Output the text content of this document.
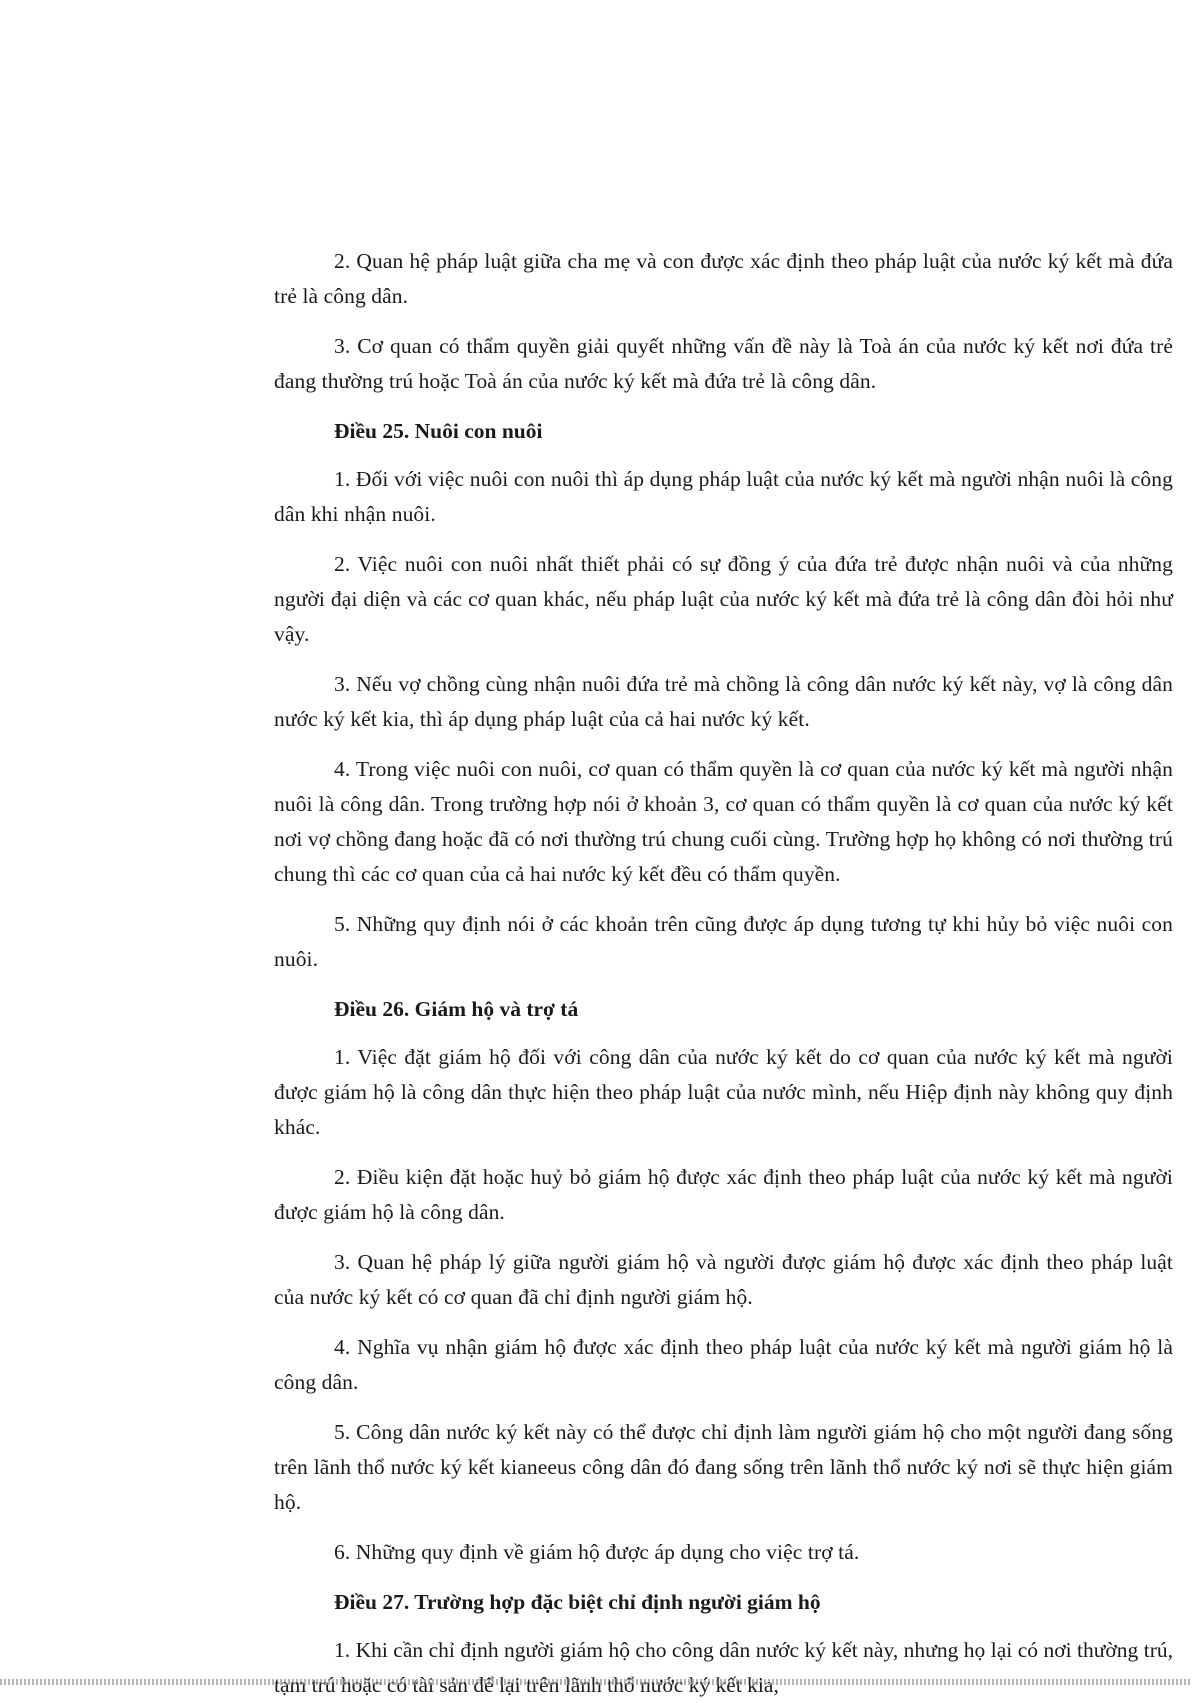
2. Quan hệ pháp luật giữa cha mẹ và con được xác định theo pháp luật của nước ký kết mà đứa trẻ là công dân.

3. Cơ quan có thẩm quyền giải quyết những vấn đề này là Toà án của nước ký kết nơi đứa trẻ đang thường trú hoặc Toà án của nước ký kết mà đứa trẻ là công dân.

Điều 25. Nuôi con nuôi

1. Đối với việc nuôi con nuôi thì áp dụng pháp luật của nước ký kết mà người nhận nuôi là công dân khi nhận nuôi.

2. Việc nuôi con nuôi nhất thiết phải có sự đồng ý của đứa trẻ được nhận nuôi và của những người đại diện và các cơ quan khác, nếu pháp luật của nước ký kết mà đứa trẻ là công dân đòi hỏi như vậy.

3. Nếu vợ chồng cùng nhận nuôi đứa trẻ mà chồng là công dân nước ký kết này, vợ là công dân nước ký kết kia, thì áp dụng pháp luật của cả hai nước ký kết.

4. Trong việc nuôi con nuôi, cơ quan có thẩm quyền là cơ quan của nước ký kết mà người nhận nuôi là công dân. Trong trường hợp nói ở khoản 3, cơ quan có thẩm quyền là cơ quan của nước ký kết nơi vợ chồng đang hoặc đã có nơi thường trú chung cuối cùng. Trường hợp họ không có nơi thường trú chung thì các cơ quan của cả hai nước ký kết đều có thẩm quyền.

5. Những quy định nói ở các khoản trên cũng được áp dụng tương tự khi hủy bỏ việc nuôi con nuôi.

Điều 26. Giám hộ và trợ tá

1. Việc đặt giám hộ đối với công dân của nước ký kết do cơ quan của nước ký kết mà người được giám hộ là công dân thực hiện theo pháp luật của nước mình, nếu Hiệp định này không quy định khác.

2. Điều kiện đặt hoặc huỷ bỏ giám hộ được xác định theo pháp luật của nước ký kết mà người được giám hộ là công dân.

3. Quan hệ pháp lý giữa người giám hộ và người được giám hộ được xác định theo pháp luật của nước ký kết có cơ quan đã chỉ định người giám hộ.

4. Nghĩa vụ nhận giám hộ được xác định theo pháp luật của nước ký kết mà người giám hộ là công dân.

5. Công dân nước ký kết này có thể được chỉ định làm người giám hộ cho một người đang sống trên lãnh thổ nước ký kết kianeeus công dân đó đang sống trên lãnh thổ nước ký nơi sẽ thực hiện giám hộ.

6. Những quy định về giám hộ được áp dụng cho việc trợ tá.

Điều 27. Trường hợp đặc biệt chỉ định người giám hộ

1. Khi cần chỉ định người giám hộ cho công dân nước ký kết này, nhưng họ lại có nơi thường trú, tạm trú hoặc có tài sản để lại trên lãnh thổ nước ký kết kia,
